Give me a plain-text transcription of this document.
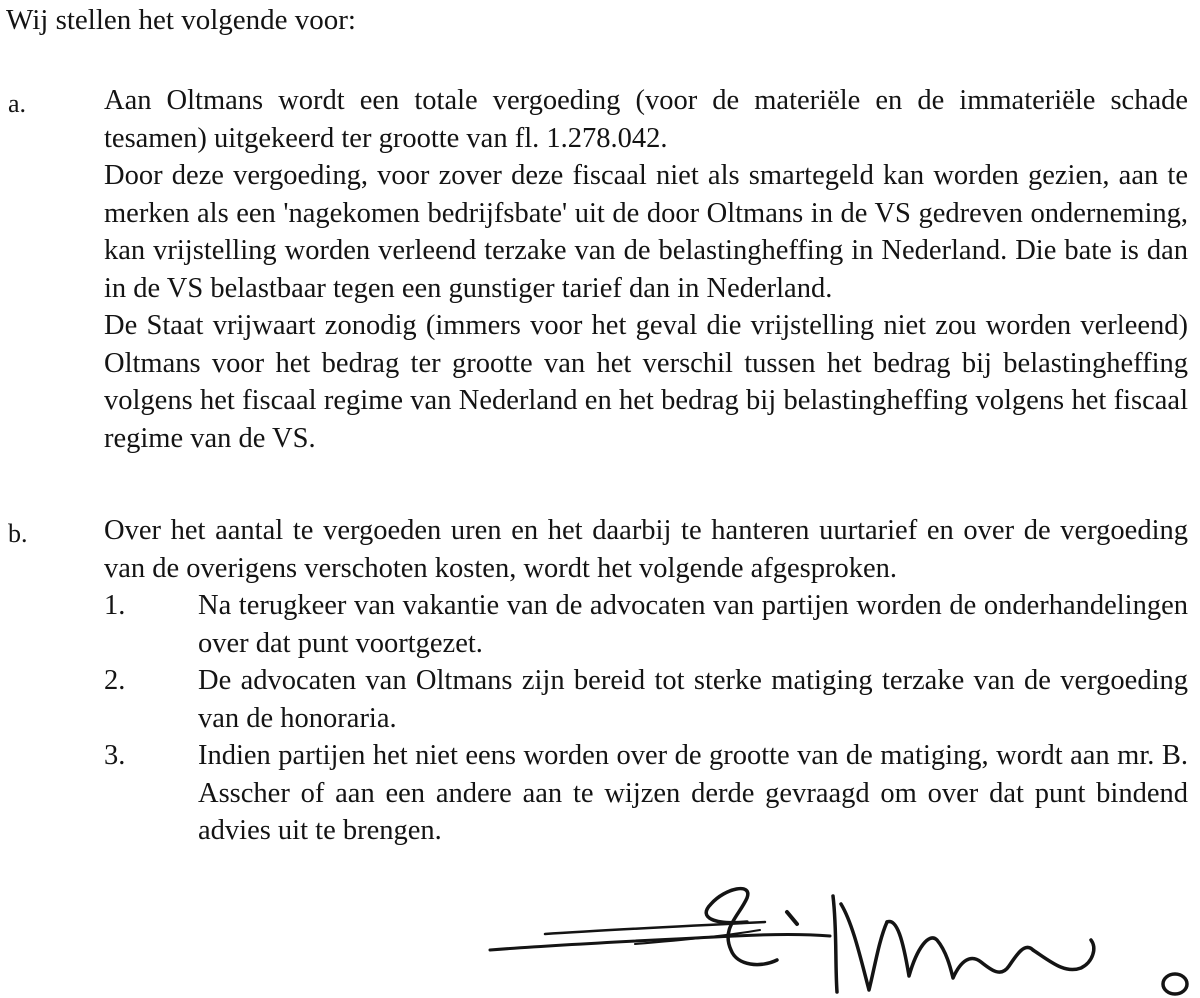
Wij stellen het volgende voor:
a.	Aan Oltmans wordt een totale vergoeding (voor de materiële en de immateriële schade tesamen) uitgekeerd ter grootte van fl. 1.278.042.

Door deze vergoeding, voor zover deze fiscaal niet als smartegeld kan worden gezien, aan te merken als een 'nagekomen bedrijfsbate' uit de door Oltmans in de VS gedreven onderneming, kan vrijstelling worden verleend terzake van de belastingheffing in Nederland. Die bate is dan in de VS belastbaar tegen een gunstiger tarief dan in Nederland.

De Staat vrijwaart zonodig (immers voor het geval die vrijstelling niet zou worden verleend) Oltmans voor het bedrag ter grootte van het verschil tussen het bedrag bij belastingheffing volgens het fiscaal regime van Nederland en het bedrag bij belastingheffing volgens het fiscaal regime van de VS.

b.	Over het aantal te vergoeden uren en het daarbij te hanteren uurtarief en over de vergoeding van de overigens verschoten kosten, wordt het volgende afgesproken.

1.	Na terugkeer van vakantie van de advocaten van partijen worden de onderhandelingen over dat punt voortgezet.
2.	De advocaten van Oltmans zijn bereid tot sterke matiging terzake van de vergoeding van de honoraria.
3.	Indien partijen het niet eens worden over de grootte van de matiging, wordt aan mr. B. Asscher of aan een andere aan te wijzen derde gevraagd om over dat punt bindend advies uit te brengen.
